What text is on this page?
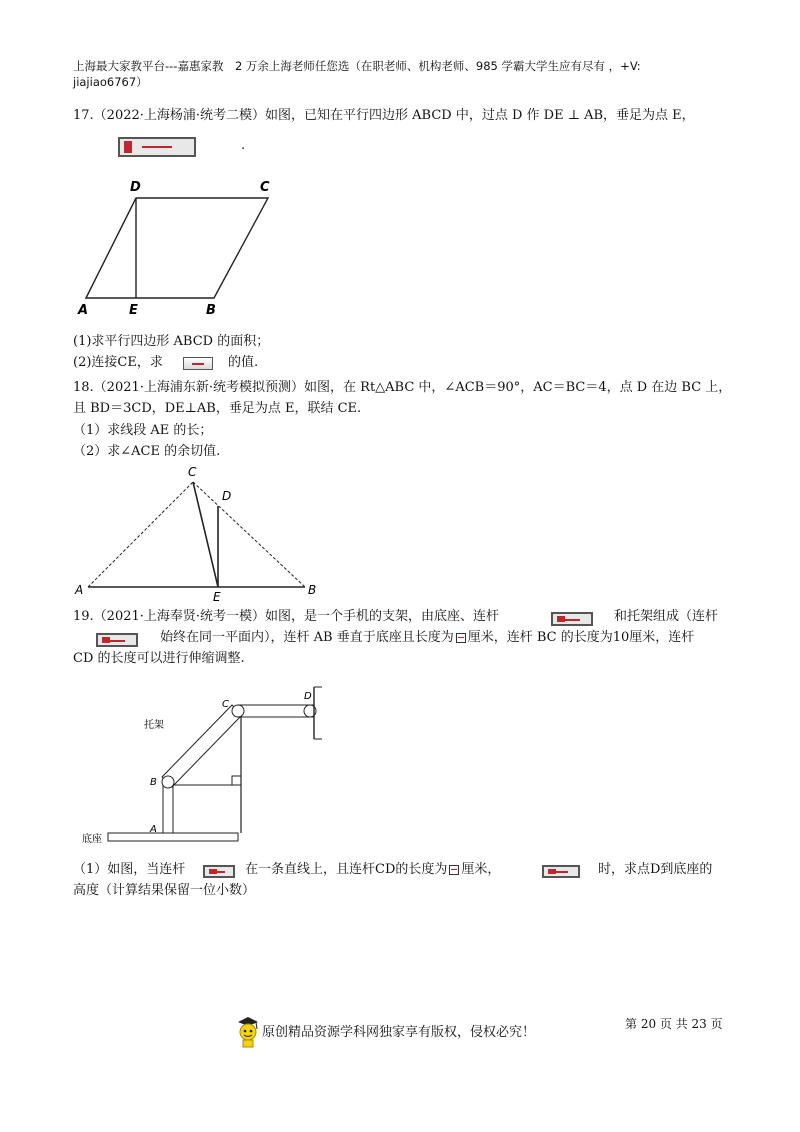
上海最大家教平台---嘉惠家教　2 万余上海老师任您选（在职老师、机构老师、985 学霸大学生应有尽有 ，+V:
jiajiao6767）
17.（2022·上海杨浦·统考二模）如图，已知在平行四边形 ABCD 中，过点 D 作 DE ⊥ AB，垂足为点 E，
.
D	C
A	E	B
(1)求平行四边形 ABCD 的面积；
(2)连接CE，求	的值.
18.（2021·上海浦东新·统考模拟预测）如图，在 Rt△ABC 中，∠ACB＝90°，AC＝BC＝4，点 D 在边 BC 上，
且 BD＝3CD，DE⊥AB，垂足为点 E，联结 CE.
（1）求线段 AE 的长；
（2）求∠ACE 的余切值.
C
D
A	E	B
19.（2021·上海奉贤·统考一模）如图，是一个手机的支架，由底座、连杆	和托架组成（连杆
始终在同一平面内），连杆 AB 垂直于底座且长度为 厘米，连杆 BC 的长度为10厘米，连杆
CD 的长度可以进行伸缩调整.
托架
底座
A
B
C
D
（1）如图，当连杆	在一条直线上，且连杆CD的长度为 厘米，	时，求点D到底座的
高度（计算结果保留一位小数）
原创精品资源学科网独家享有版权，侵权必究！
第 20 页 共 23 页
